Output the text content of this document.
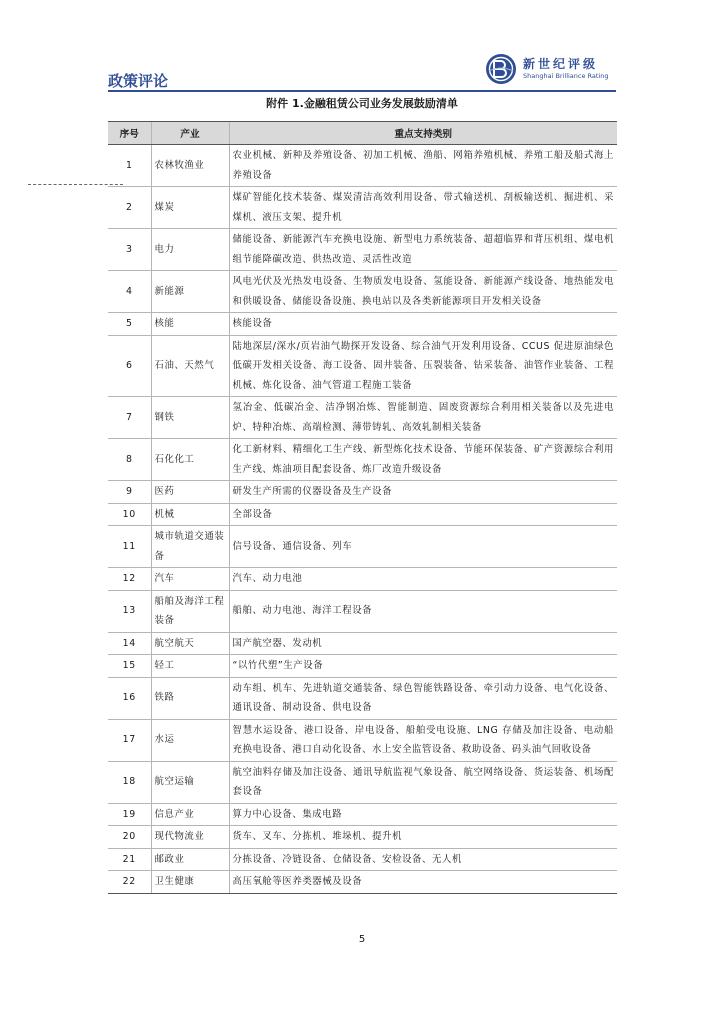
政策评论
新世纪评级
Shanghai Brilliance Rating
附件 1.金融租赁公司业务发展鼓励清单
序号	产业	重点支持类别
1	农林牧渔业	农业机械、新种及养殖设备、初加工机械、渔船、网箱养殖机械、养殖工船及船式海上养殖设备
2	煤炭	煤矿智能化技术装备、煤炭清洁高效利用设备、带式输送机、刮板输送机、掘进机、采煤机、液压支架、提升机
3	电力	储能设备、新能源汽车充换电设施、新型电力系统装备、超超临界和背压机组、煤电机组节能降碳改造、供热改造、灵活性改造
4	新能源	风电光伏及光热发电设备、生物质发电设备、氢能设备、新能源产线设备、地热能发电和供暖设备、储能设备设施、换电站以及各类新能源项目开发相关设备
5	核能	核能设备
6	石油、天然气	陆地深层/深水/页岩油气勘探开发设备、综合油气开发利用设备、CCUS 促进原油绿色低碳开发相关设备、海工设备、固井装备、压裂装备、钻采装备、油管作业装备、工程机械、炼化设备、油气管道工程施工装备
7	钢铁	氢冶金、低碳冶金、洁净钢冶炼、智能制造、固废资源综合利用相关装备以及先进电炉、特种冶炼、高端检测、薄带铸轧、高效轧制相关装备
8	石化化工	化工新材料、精细化工生产线、新型炼化技术设备、节能环保装备、矿产资源综合利用生产线、炼油项目配套设备、炼厂改造升级设备
9	医药	研发生产所需的仪器设备及生产设备
10	机械	全部设备
11	城市轨道交通装备	信号设备、通信设备、列车
12	汽车	汽车、动力电池
13	船舶及海洋工程装备	船舶、动力电池、海洋工程设备
14	航空航天	国产航空器、发动机
15	轻工	“以竹代塑”生产设备
16	铁路	动车组、机车、先进轨道交通装备、绿色智能铁路设备、牵引动力设备、电气化设备、通讯设备、制动设备、供电设备
17	水运	智慧水运设备、港口设备、岸电设备、船舶受电设施、LNG 存储及加注设备、电动船充换电设备、港口自动化设备、水上安全监管设备、救助设备、码头油气回收设备
18	航空运输	航空油料存储及加注设备、通讯导航监视气象设备、航空网络设备、货运装备、机场配套设备
19	信息产业	算力中心设备、集成电路
20	现代物流业	货车、叉车、分拣机、堆垛机、提升机
21	邮政业	分拣设备、冷链设备、仓储设备、安检设备、无人机
22	卫生健康	高压氧舱等医养类器械及设备
5
